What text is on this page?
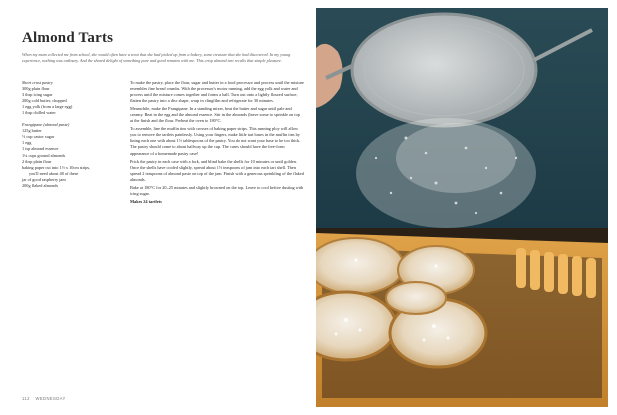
Almond Tarts

When my mum collected me from school, she would often have a treat that she had picked up from a bakery, some treasure that she had discovered. In my young experience, nothing was ordinary. And the shared delight of something pure and good remains with me. This crisp almond tart recalls that simple pleasure.

Short crust pastry
300g plain flour
3 tbsp icing sugar
200g cold butter, chopped
1 egg yolk (from a large egg)
1 tbsp chilled water
Frangipane (almond paste)
125g butter
½ cup castor sugar
1 egg
1 tsp almond essence
1¼ cups ground almonds
2 tbsp plain flour
baking paper cut into 1½ x 10cm strips,
you'll need about 48 of these
jar of good raspberry jam
200g flaked almonds

To make the pastry, place the flour, sugar and butter in a food processor and process until the mixture resembles fine bread crumbs. With the processor's motor running, add the egg yolk and water and process until the mixture comes together and forms a ball. Turn out onto a lightly floured surface, flatten the pastry into a disc shape, wrap in clingfilm and refrigerate for 30 minutes.

Meanwhile, make the Frangipane. In a standing mixer, beat the butter and sugar until pale and creamy. Beat in the egg and the almond essence. Stir in the almonds (leave some to sprinkle on top at the finish and the flour. Preheat the oven to 180°C.

To assemble, line the muffin tins with crosses of baking paper strips. This running ploy will allow you to remove the tartlets painlessly. Using your fingers, make little tart bases in the muffin tins by lining each one with about 1½ tablespoons of the pastry. You do not want your base to be too thick. The pastry should come to about halfway up the cup. The cases should have the free-form appearance of a homemade pastry case!

Prick the pastry in each case with a fork, and blind bake the shells for 10 minutes or until golden. Once the shells have cooled slightly, spread about 1½ teaspoons of jam into each tart shell. Then spread 2 teaspoons of almond paste on top of the jam. Finish with a generous sprinkling of the flaked almonds.

Bake at 180°C for 20–25 minutes and slightly browned on the top. Leave to cool before dusting with icing sugar.

Makes 24 tartlets

112 WEDNESDAY
